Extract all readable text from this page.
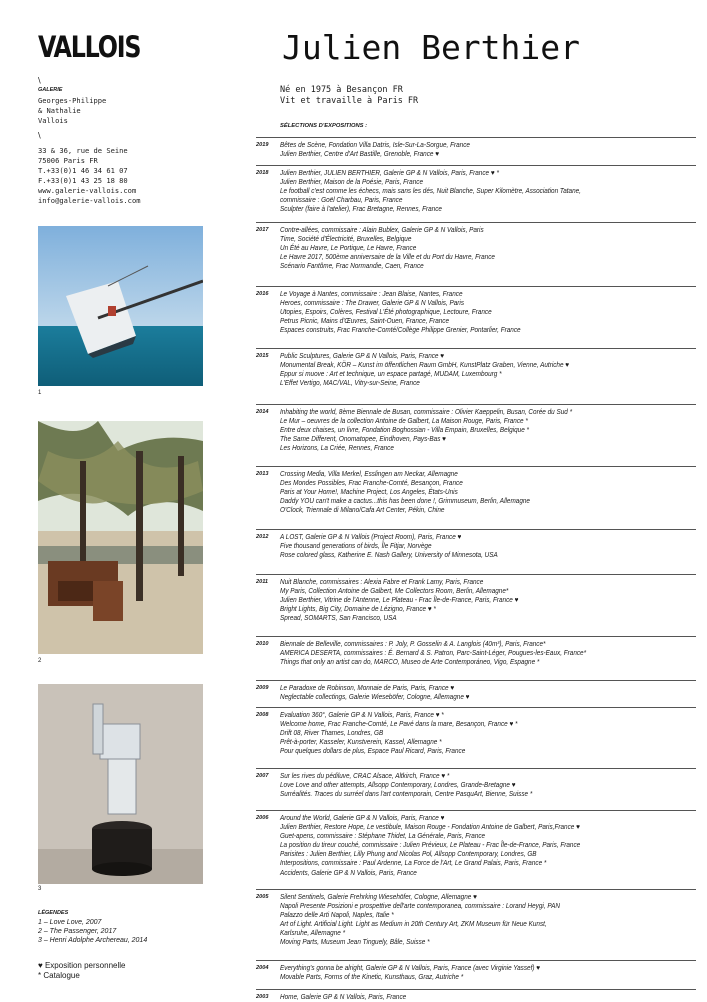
VALLOIS	Julien Berthier
\
GALERIE
Georges-Philippe
& Nathalie
Vallois
\
33 & 36, rue de Seine
75006 Paris FR
T.+33(0)1 46 34 61 07
F.+33(0)1 43 25 18 80
www.galerie-vallois.com
info@galerie-vallois.com
1
2
3
LÉGENDES
1 – Love Love, 2007
2 – The Passenger, 2017
3 – Henri Adolphe Archereau, 2014
♥ Exposition personnelle
* Catalogue
Né en 1975 à Besançon FR
Vit et travaille à Paris FR
SÉLECTIONS D'EXPOSITIONS :
2019 Bêtes de Scène, Fondation Villa Datris, Isle-Sur-La-Sorgue, France
Julien Berthier, Centre d'Art Bastille, Grenoble, France ♥
2018 Julien Berthier, JULIEN BERTHIER, Galerie GP & N Vallois, Paris, France ♥ *
Julien Berthier, Maison de la Poésie, Paris, France
Le football c'est comme les échecs, mais sans les dés, Nuit Blanche, Super Kilomètre, Association Tatane,
commissaire : Goël Charbau, Paris, France
Sculpter (faire à l'atelier), Frac Bretagne, Rennes, France
2017 Contre-allées, commissaire : Alain Bublex, Galerie GP & N Vallois, Paris
Time, Société d'Électricité, Bruxelles, Belgique
Un Été au Havre, Le Portique, Le Havre, France
Le Havre 2017, 500ème anniversaire de la Ville et du Port du Havre, France
Scénario Fantôme, Frac Normandie, Caen, France
2016 Le Voyage à Nantes, commissaire : Jean Blaise, Nantes, France
Heroes, commissaire : The Drawer, Galerie GP & N Vallois, Paris
Utopies, Espoirs, Colères, Festival L'Été photographique, Lectoure, France
Petrus Picnic, Mains d'Œuvres, Saint-Ouen, France, France
Espaces construits, Frac Franche-Comté/Collège Philippe Grenier, Pontarlier, France
2015 Public Sculptures, Galerie GP & N Vallois, Paris, France ♥
Monumental Break, KÖR – Kunst im öffentlichen Raum GmbH, KunstPlatz Graben, Vienne, Autriche ♥
Eppur si muove : Art et technique, un espace partagé, MUDAM, Luxembourg *
L'Effet Vertigo, MAC/VAL, Vitry-sur-Seine, France
2014 Inhabiting the world, 8ème Biennale de Busan, commissaire : Olivier Kaeppelin, Busan, Corée du Sud *
Le Mur – oeuvres de la collection Antoine de Galbert, La Maison Rouge, Paris, France *
Entre deux chaises, un livre, Fondation Boghossian - Villa Empain, Bruxelles, Belgique *
The Same Different, Onomatopee, Eindhoven, Pays-Bas ♥
Les Horizons, La Criée, Rennes, France
2013 Crossing Media, Villa Merkel, Esslingen am Neckar, Allemagne
Des Mondes Possibles, Frac Franche-Comté, Besançon, France
Paris at Your Home!, Machine Project, Los Angeles, États-Unis
Daddy YOU can't make a cactus...this has been done !, Grimmuseum, Berlin, Allemagne
O'Clock, Triennale di Milano/Cafa Art Center, Pékin, Chine
2012 A LOST, Galerie GP & N Vallois (Project Room), Paris, France ♥
Five thousand generations of birds, Île Fitjar, Norvège
Rose colored glass, Katherine E. Nash Gallery, University of Minnesota, USA
2011 Nuit Blanche, commissaires : Alexia Fabre et Frank Lamy, Paris, France
My Paris, Collection Antoine de Galbert, Me Collectors Room, Berlin, Allemagne*
Julien Berthier, Vitrine de l'Antenne, Le Plateau - Frac Île-de-France, Paris, France ♥
Bright Lights, Big City, Domaine de Lézigno, France ♥ *
Spread, SOMARTS, San Francisco, USA
2010 Biennale de Belleville, commissaires : P. Joly, P. Gosselin & A. Langlois (40m³), Paris, France*
AMERICA DESERTA, commissaires : É. Bernard & S. Patron, Parc-Saint-Léger, Pougues-les-Eaux, France*
Things that only an artist can do, MARCO, Museo de Arte Contemporáneo, Vigo, Espagne *
2009 Le Paradoxe de Robinson, Monnaie de Paris, Paris, France ♥
Neglectable collectings, Galerie Wieseböfer, Cologne, Allemagne ♥
2008 Evaluation 360°, Galerie GP & N Vallois, Paris, France ♥ *
Welcome home, Frac Franche-Comté, Le Pavé dans la mare, Besançon, France ♥ *
Drift 08, River Thames, Londres, GB
Prêt-à-porter, Kasseler, Kunstverein, Kassel, Allemagne *
Pour quelques dollars de plus, Espace Paul Ricard, Paris, France
2007 Sur les rives du pédiluve, CRAC Alsace, Altkirch, France ♥ *
Love Love and other attempts, Allsopp Contemporary, Londres, Grande-Bretagne ♥
Surréalités. Traces du surréel dans l'art contemporain, Centre PasquArt, Bienne, Suisse *
2006 Around the World, Galerie GP & N Vallois, Paris, France ♥
Julien Berthier, Restore Hope, Le vestibule, Maison Rouge - Fondation Antoine de Galbert, Paris,France ♥
Guet-apens, commissaire : Stéphane Thidet, La Générale, Paris, France
La position du tireur couché, commissaire : Julien Prévieux, Le Plateau - Frac Île-de-France, Paris, France
Parisites : Julien Berthier, Lilly Phung and Nicolas Pol, Allsopp Contemporary, Londres, GB
Interpositions, commissaire : Paul Ardenne, La Force de l'Art, Le Grand Palais, Paris, France *
Accidents, Galerie GP & N Vallois, Paris, France
2005 Silent Sentinels, Galerie Frehrking Wiesehöfer, Cologne, Allemagne ♥
Napoli Presente Posizioni e prospettive dell'arte contemporanea, commissaire : Lorand Heygi, PAN
Palazzo delle Arti Napoli, Naples, Italie *
Art of Light. Artificial Light. Light as Medium in 20th Century Art, ZKM Museum für Neue Kunst,
Karlsruhe, Allemagne *
Moving Parts, Museum Jean Tinguely, Bâle, Suisse *
2004 Everything's gonna be alright, Galerie GP & N Vallois, Paris, France (avec Virginie Yassef) ♥
Movable Parts, Forms of the Kinetic, Kunsthaus, Graz, Autriche *
2003 Home, Galerie GP & N Vallois, Paris, France
